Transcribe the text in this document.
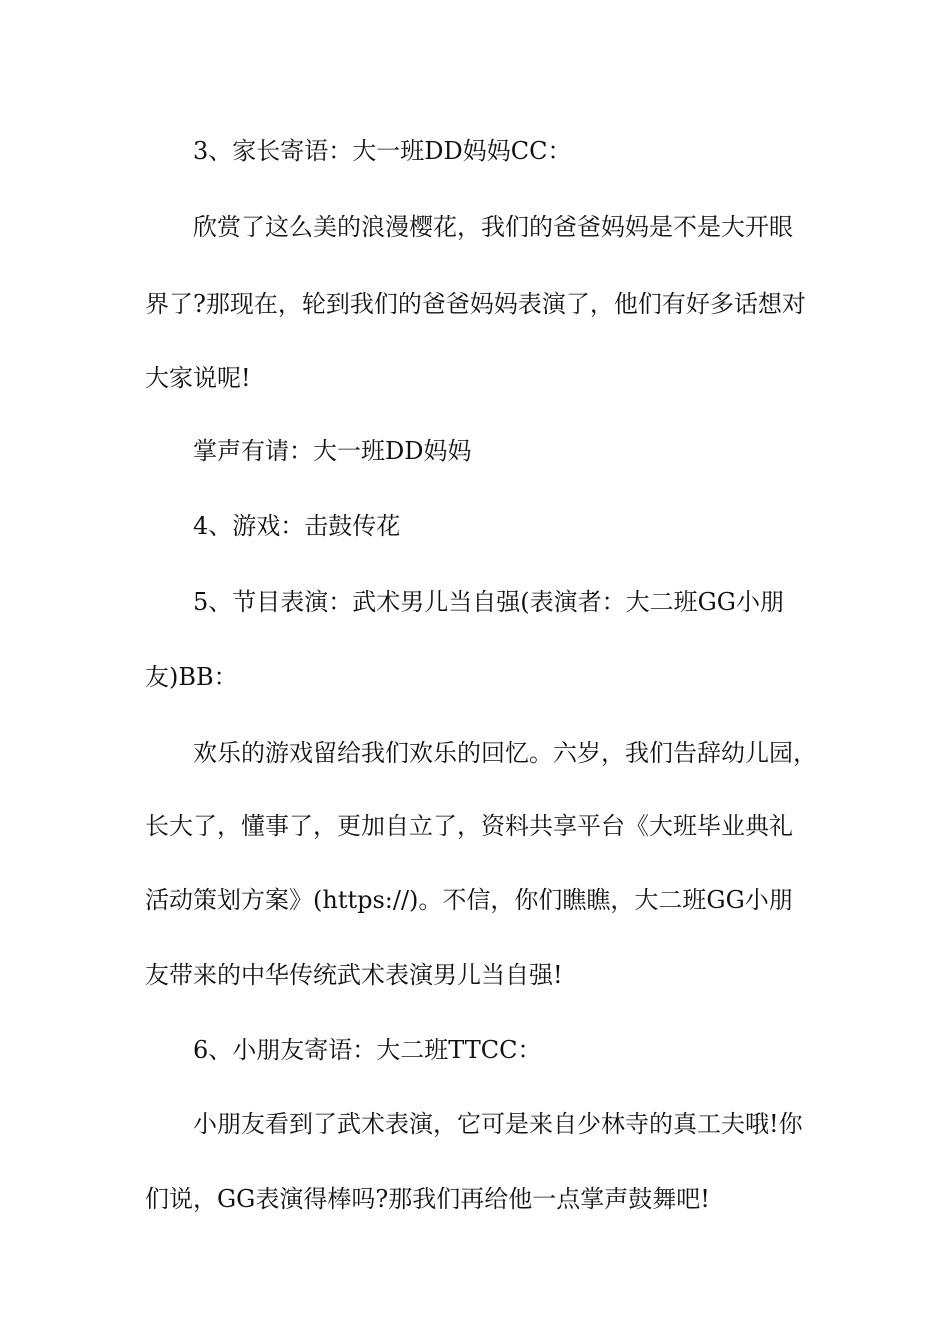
3、家长寄语：大一班DD妈妈CC：
欣赏了这么美的浪漫樱花，我们的爸爸妈妈是不是大开眼
界了?那现在，轮到我们的爸爸妈妈表演了，他们有好多话想对
大家说呢!
掌声有请：大一班DD妈妈
4、游戏：击鼓传花
5、节目表演：武术男儿当自强(表演者：大二班GG小朋
友)BB：
欢乐的游戏留给我们欢乐的回忆。六岁，我们告辞幼儿园，
长大了，懂事了，更加自立了，资料共享平台《大班毕业典礼
活动策划方案》(https://)。不信，你们瞧瞧，大二班GG小朋
友带来的中华传统武术表演男儿当自强!
6、小朋友寄语：大二班TTCC：
小朋友看到了武术表演，它可是来自少林寺的真工夫哦!你
们说，GG表演得棒吗?那我们再给他一点掌声鼓舞吧!
